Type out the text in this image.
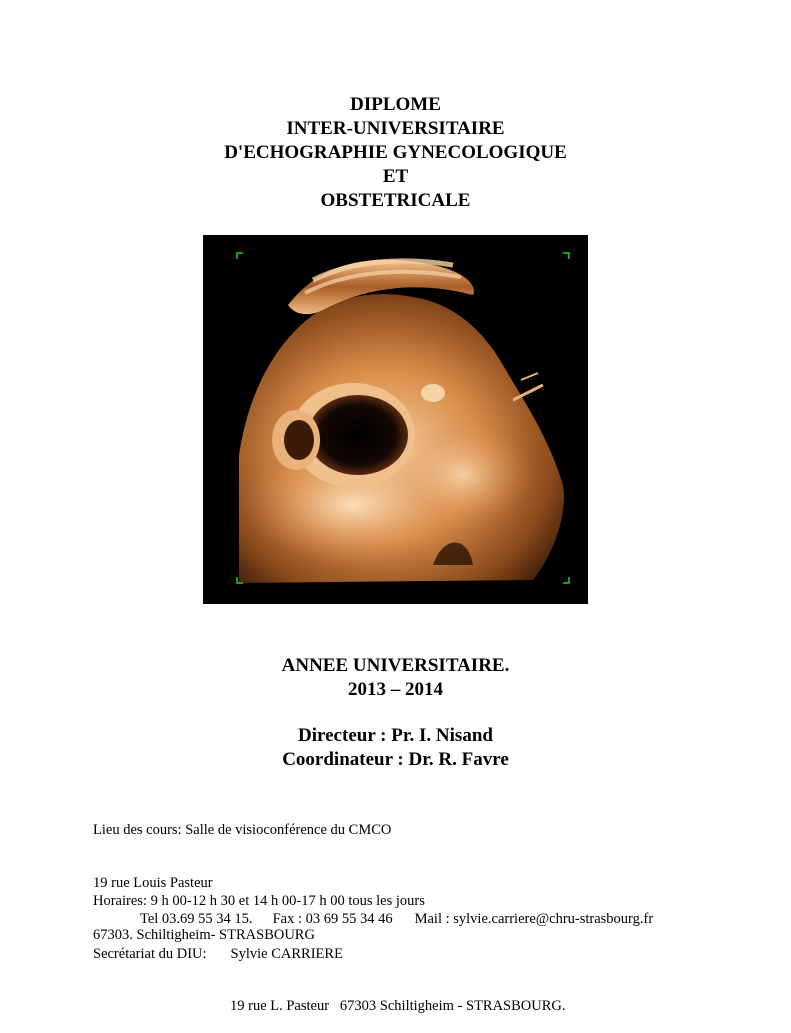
DIPLOME
INTER-UNIVERSITAIRE
D'ECHOGRAPHIE GYNECOLOGIQUE
ET
OBSTETRICALE
ANNEE UNIVERSITAIRE.
2013 – 2014
Directeur : Pr. I. Nisand
Coordinateur : Dr. R. Favre

Lieu des cours: Salle de visioconférence du CMCO

19 rue Louis Pasteur

67303. Schiltigheim- STRASBOURG

Horaires: 9 h 00-12 h 30 et 14 h 00-17 h 00 tous les jours

Secrétariat du DIU: Sylvie CARRIERE

19 rue L. Pasteur   67303 Schiltigheim - STRASBOURG.

Tel 03.69 55 34 15. Fax : 03 69 55 34 46 Mail : sylvie.carriere@chru-strasbourg.fr
